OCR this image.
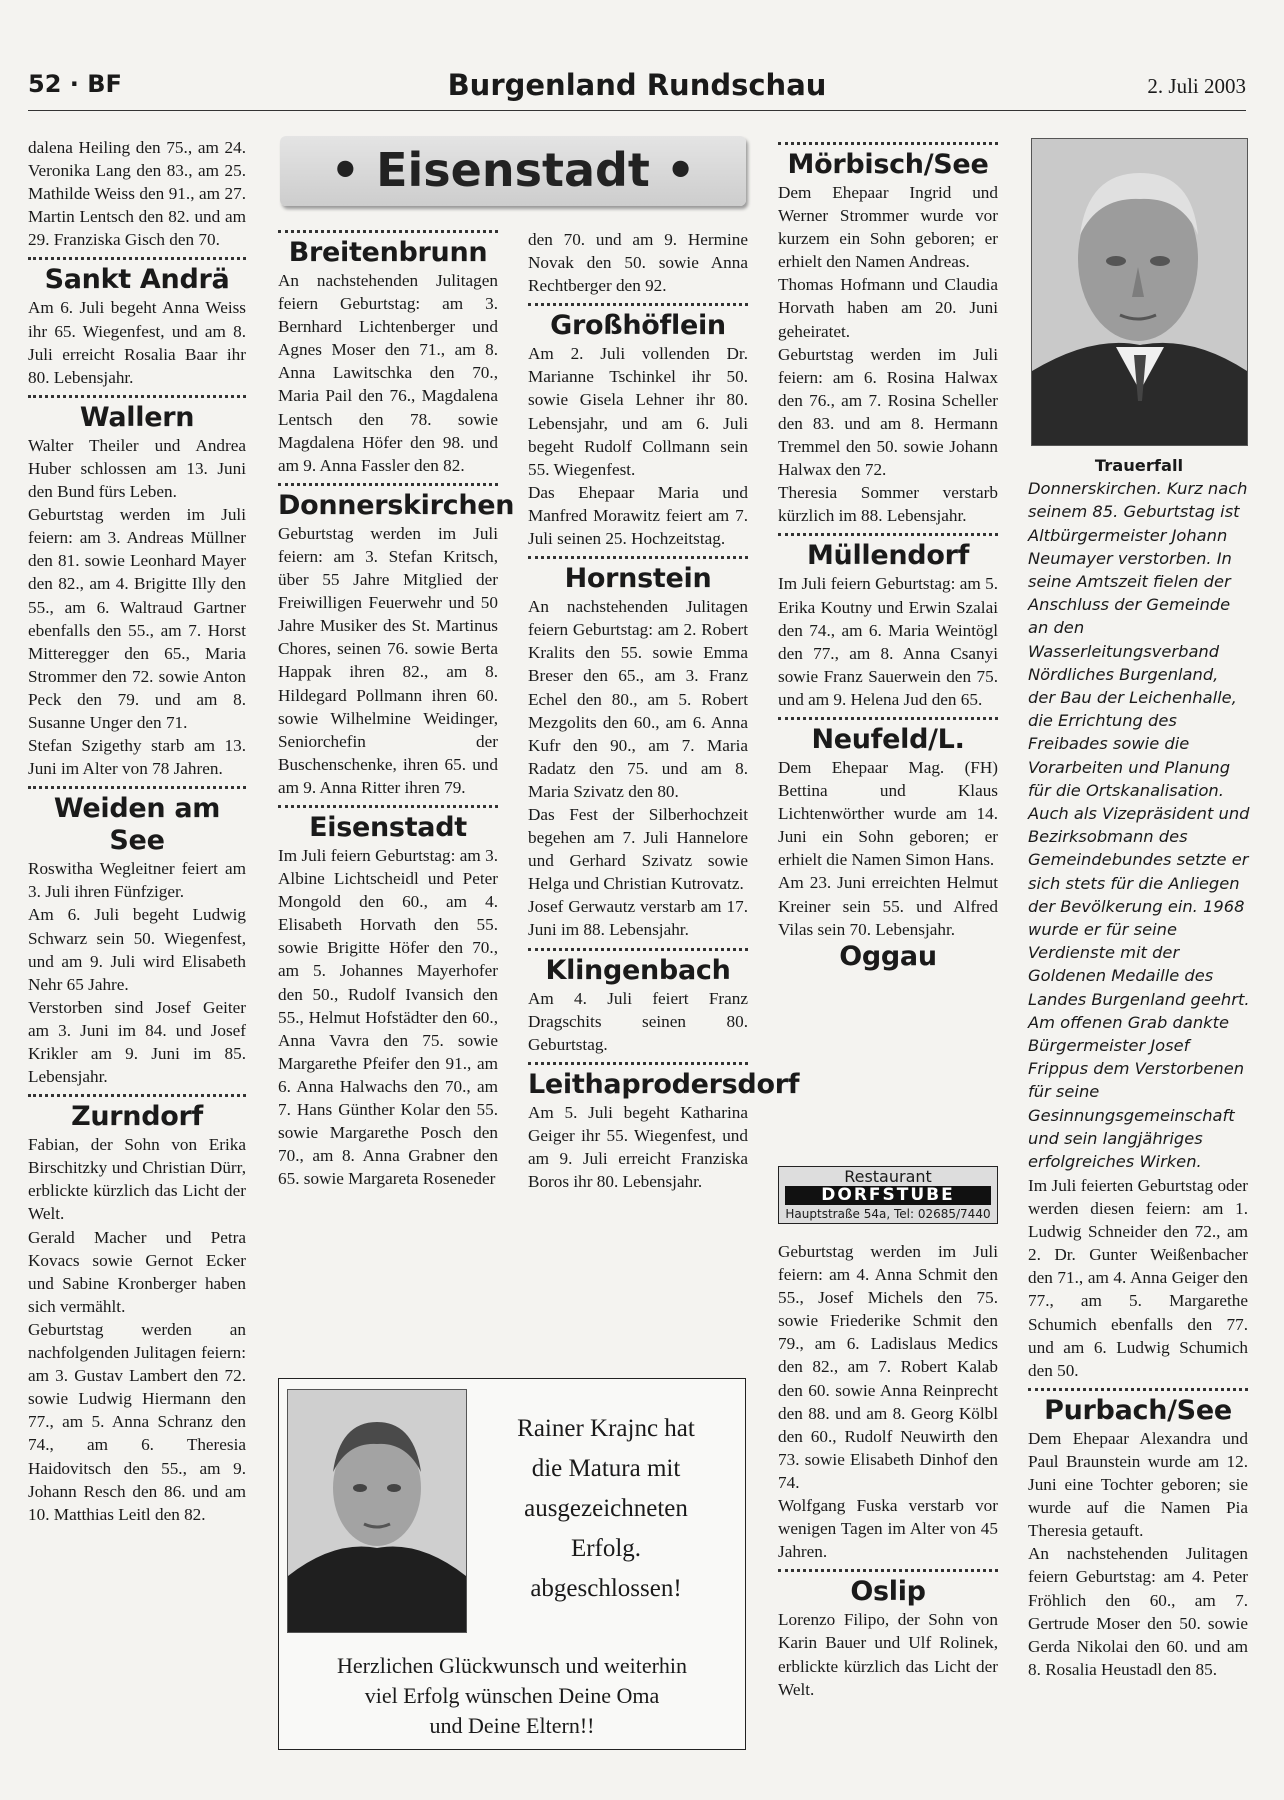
52 · BF	Burgenland Rundschau	2. Juli 2003
• Eisenstadt •

dalena Heiling den 75., am 24. Veronika Lang den 83., am 25. Mathilde Weiss den 91., am 27. Martin Lentsch den 82. und am 29. Franziska Gisch den 70.

Sankt Andrä

Am 6. Juli begeht Anna Weiss ihr 65. Wiegenfest, und am 8. Juli erreicht Rosalia Baar ihr 80. Lebensjahr.

Wallern

Walter Theiler und Andrea Huber schlossen am 13. Juni den Bund fürs Leben.

Geburtstag werden im Juli feiern: am 3. Andreas Müllner den 81. sowie Leonhard Mayer den 82., am 4. Brigitte Illy den 55., am 6. Waltraud Gartner ebenfalls den 55., am 7. Horst Mitteregger den 65., Maria Strommer den 72. sowie Anton Peck den 79. und am 8. Susanne Unger den 71.

Stefan Szigethy starb am 13. Juni im Alter von 78 Jahren.

Weiden am See

Roswitha Wegleitner feiert am 3. Juli ihren Fünfziger.

Am 6. Juli begeht Ludwig Schwarz sein 50. Wiegenfest, und am 9. Juli wird Elisabeth Nehr 65 Jahre.

Verstorben sind Josef Geiter am 3. Juni im 84. und Josef Krikler am 9. Juni im 85. Lebensjahr.

Zurndorf

Fabian, der Sohn von Erika Birschitzky und Christian Dürr, erblickte kürzlich das Licht der Welt.

Gerald Macher und Petra Kovacs sowie Gernot Ecker und Sabine Kronberger haben sich vermählt.

Geburtstag werden an nachfolgenden Julitagen feiern: am 3. Gustav Lambert den 72. sowie Ludwig Hiermann den 77., am 5. Anna Schranz den 74., am 6. Theresia Haidovitsch den 55., am 9. Johann Resch den 86. und am 10. Matthias Leitl den 82.

Breitenbrunn

An nachstehenden Julitagen feiern Geburtstag: am 3. Bernhard Lichtenberger und Agnes Moser den 71., am 8. Anna Lawitschka den 70., Maria Pail den 76., Magdalena Lentsch den 78. sowie Magdalena Höfer den 98. und am 9. Anna Fassler den 82.

Donnerskirchen

Geburtstag werden im Juli feiern: am 3. Stefan Kritsch, über 55 Jahre Mitglied der Freiwilligen Feuerwehr und 50 Jahre Musiker des St. Martinus Chores, seinen 76. sowie Berta Happak ihren 82., am 8. Hildegard Pollmann ihren 60. sowie Wilhelmine Weidinger, Seniorchefin der Buschenschenke, ihren 65. und am 9. Anna Ritter ihren 79.

Eisenstadt

Im Juli feiern Geburtstag: am 3. Albine Lichtscheidl und Peter Mongold den 60., am 4. Elisabeth Horvath den 55. sowie Brigitte Höfer den 70., am 5. Johannes Mayerhofer den 50., Rudolf Ivansich den 55., Helmut Hofstädter den 60., Anna Vavra den 75. sowie Margarethe Pfeifer den 91., am 6. Anna Halwachs den 70., am 7. Hans Günther Kolar den 55. sowie Margarethe Posch den 70., am 8. Anna Grabner den 65. sowie Margareta Roseneder

den 70. und am 9. Hermine Novak den 50. sowie Anna Rechtberger den 92.

Großhöflein

Am 2. Juli vollenden Dr. Marianne Tschinkel ihr 50. sowie Gisela Lehner ihr 80. Lebensjahr, und am 6. Juli begeht Rudolf Collmann sein 55. Wiegenfest.

Das Ehepaar Maria und Manfred Morawitz feiert am 7. Juli seinen 25. Hochzeitstag.

Hornstein

An nachstehenden Julitagen feiern Geburtstag: am 2. Robert Kralits den 55. sowie Emma Breser den 65., am 3. Franz Echel den 80., am 5. Robert Mezgolits den 60., am 6. Anna Kufr den 90., am 7. Maria Radatz den 75. und am 8. Maria Szivatz den 80.

Das Fest der Silberhochzeit begehen am 7. Juli Hannelore und Gerhard Szivatz sowie Helga und Christian Kutrovatz.

Josef Gerwautz verstarb am 17. Juni im 88. Lebensjahr.

Klingenbach

Am 4. Juli feiert Franz Dragschits seinen 80. Geburtstag.

Leithaprodersdorf

Am 5. Juli begeht Katharina Geiger ihr 55. Wiegenfest, und am 9. Juli erreicht Franziska Boros ihr 80. Lebensjahr.

Mörbisch/See

Dem Ehepaar Ingrid und Werner Strommer wurde vor kurzem ein Sohn geboren; er erhielt den Namen Andreas.

Thomas Hofmann und Claudia Horvath haben am 20. Juni geheiratet.

Geburtstag werden im Juli feiern: am 6. Rosina Halwax den 76., am 7. Rosina Scheller den 83. und am 8. Hermann Tremmel den 50. sowie Johann Halwax den 72.

Theresia Sommer verstarb kürzlich im 88. Lebensjahr.

Müllendorf

Im Juli feiern Geburtstag: am 5. Erika Koutny und Erwin Szalai den 74., am 6. Maria Weintögl den 77., am 8. Anna Csanyi sowie Franz Sauerwein den 75. und am 9. Helena Jud den 65.

Neufeld/L.

Dem Ehepaar Mag. (FH) Bettina und Klaus Lichtenwörther wurde am 14. Juni ein Sohn geboren; er erhielt die Namen Simon Hans.

Am 23. Juni erreichten Helmut Kreiner sein 55. und Alfred Vilas sein 70. Lebensjahr.

Oggau
Restaurant
DORFSTUBE
Hauptstraße 54a, Tel: 02685/7440

Geburtstag werden im Juli feiern: am 4. Anna Schmit den 55., Josef Michels den 75. sowie Friederike Schmit den 79., am 6. Ladislaus Medics den 82., am 7. Robert Kalab den 60. sowie Anna Reinprecht den 88. und am 8. Georg Kölbl den 60., Rudolf Neuwirth den 73. sowie Elisabeth Dinhof den 74.

Wolfgang Fuska verstarb vor wenigen Tagen im Alter von 45 Jahren.

Oslip

Lorenzo Filipo, der Sohn von Karin Bauer und Ulf Rolinek, erblickte kürzlich das Licht der Welt.

Trauerfall

Donnerskirchen. Kurz nach seinem 85. Geburtstag ist Altbürgermeister Johann Neumayer verstorben. In seine Amtszeit fielen der Anschluss der Gemeinde an den Wasserleitungsverband Nördliches Burgenland, der Bau der Leichenhalle, die Errichtung des Freibades sowie die Vorarbeiten und Planung für die Ortskanalisation. Auch als Vizepräsident und Bezirksobmann des Gemeindebundes setzte er sich stets für die Anliegen der Bevölkerung ein. 1968 wurde er für seine Verdienste mit der Goldenen Medaille des Landes Burgenland geehrt. Am offenen Grab dankte Bürgermeister Josef Frippus dem Verstorbenen für seine Gesinnungsgemeinschaft und sein langjähriges erfolgreiches Wirken.

Im Juli feierten Geburtstag oder werden diesen feiern: am 1. Ludwig Schneider den 72., am 2. Dr. Gunter Weißenbacher den 71., am 4. Anna Geiger den 77., am 5. Margarethe Schumich ebenfalls den 77. und am 6. Ludwig Schumich den 50.

Purbach/See

Dem Ehepaar Alexandra und Paul Braunstein wurde am 12. Juni eine Tochter geboren; sie wurde auf die Namen Pia Theresia getauft.

An nachstehenden Julitagen feiern Geburtstag: am 4. Peter Fröhlich den 60., am 7. Gertrude Moser den 50. sowie Gerda Nikolai den 60. und am 8. Rosalia Heustadl den 85.

Rainer Krajnc hat

die Matura mit

ausgezeichneten

Erfolg.

abgeschlossen!

Herzlichen Glückwunsch und weiterhin

viel Erfolg wünschen Deine Oma

und Deine Eltern!!
